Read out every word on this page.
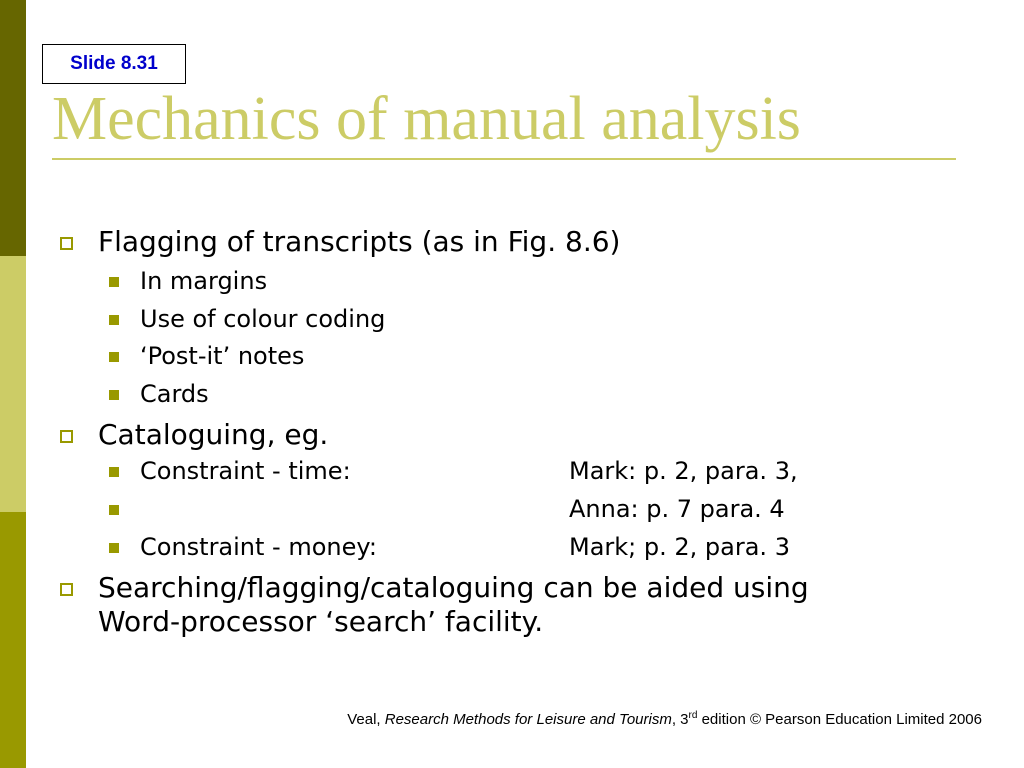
Slide 8.31
Mechanics of manual analysis
Flagging of transcripts (as in Fig. 8.6)
In margins
Use of colour coding
‘Post-it’ notes
Cards
Cataloguing, eg.
Constraint - time:	Mark: p. 2, para. 3,
Anna: p. 7 para. 4
Constraint - money:	Mark; p. 2, para. 3
Searching/flagging/cataloguing can be aided using
Word-processor ‘search’ facility.
Veal, Research Methods for Leisure and Tourism, 3rd edition © Pearson Education Limited 2006
